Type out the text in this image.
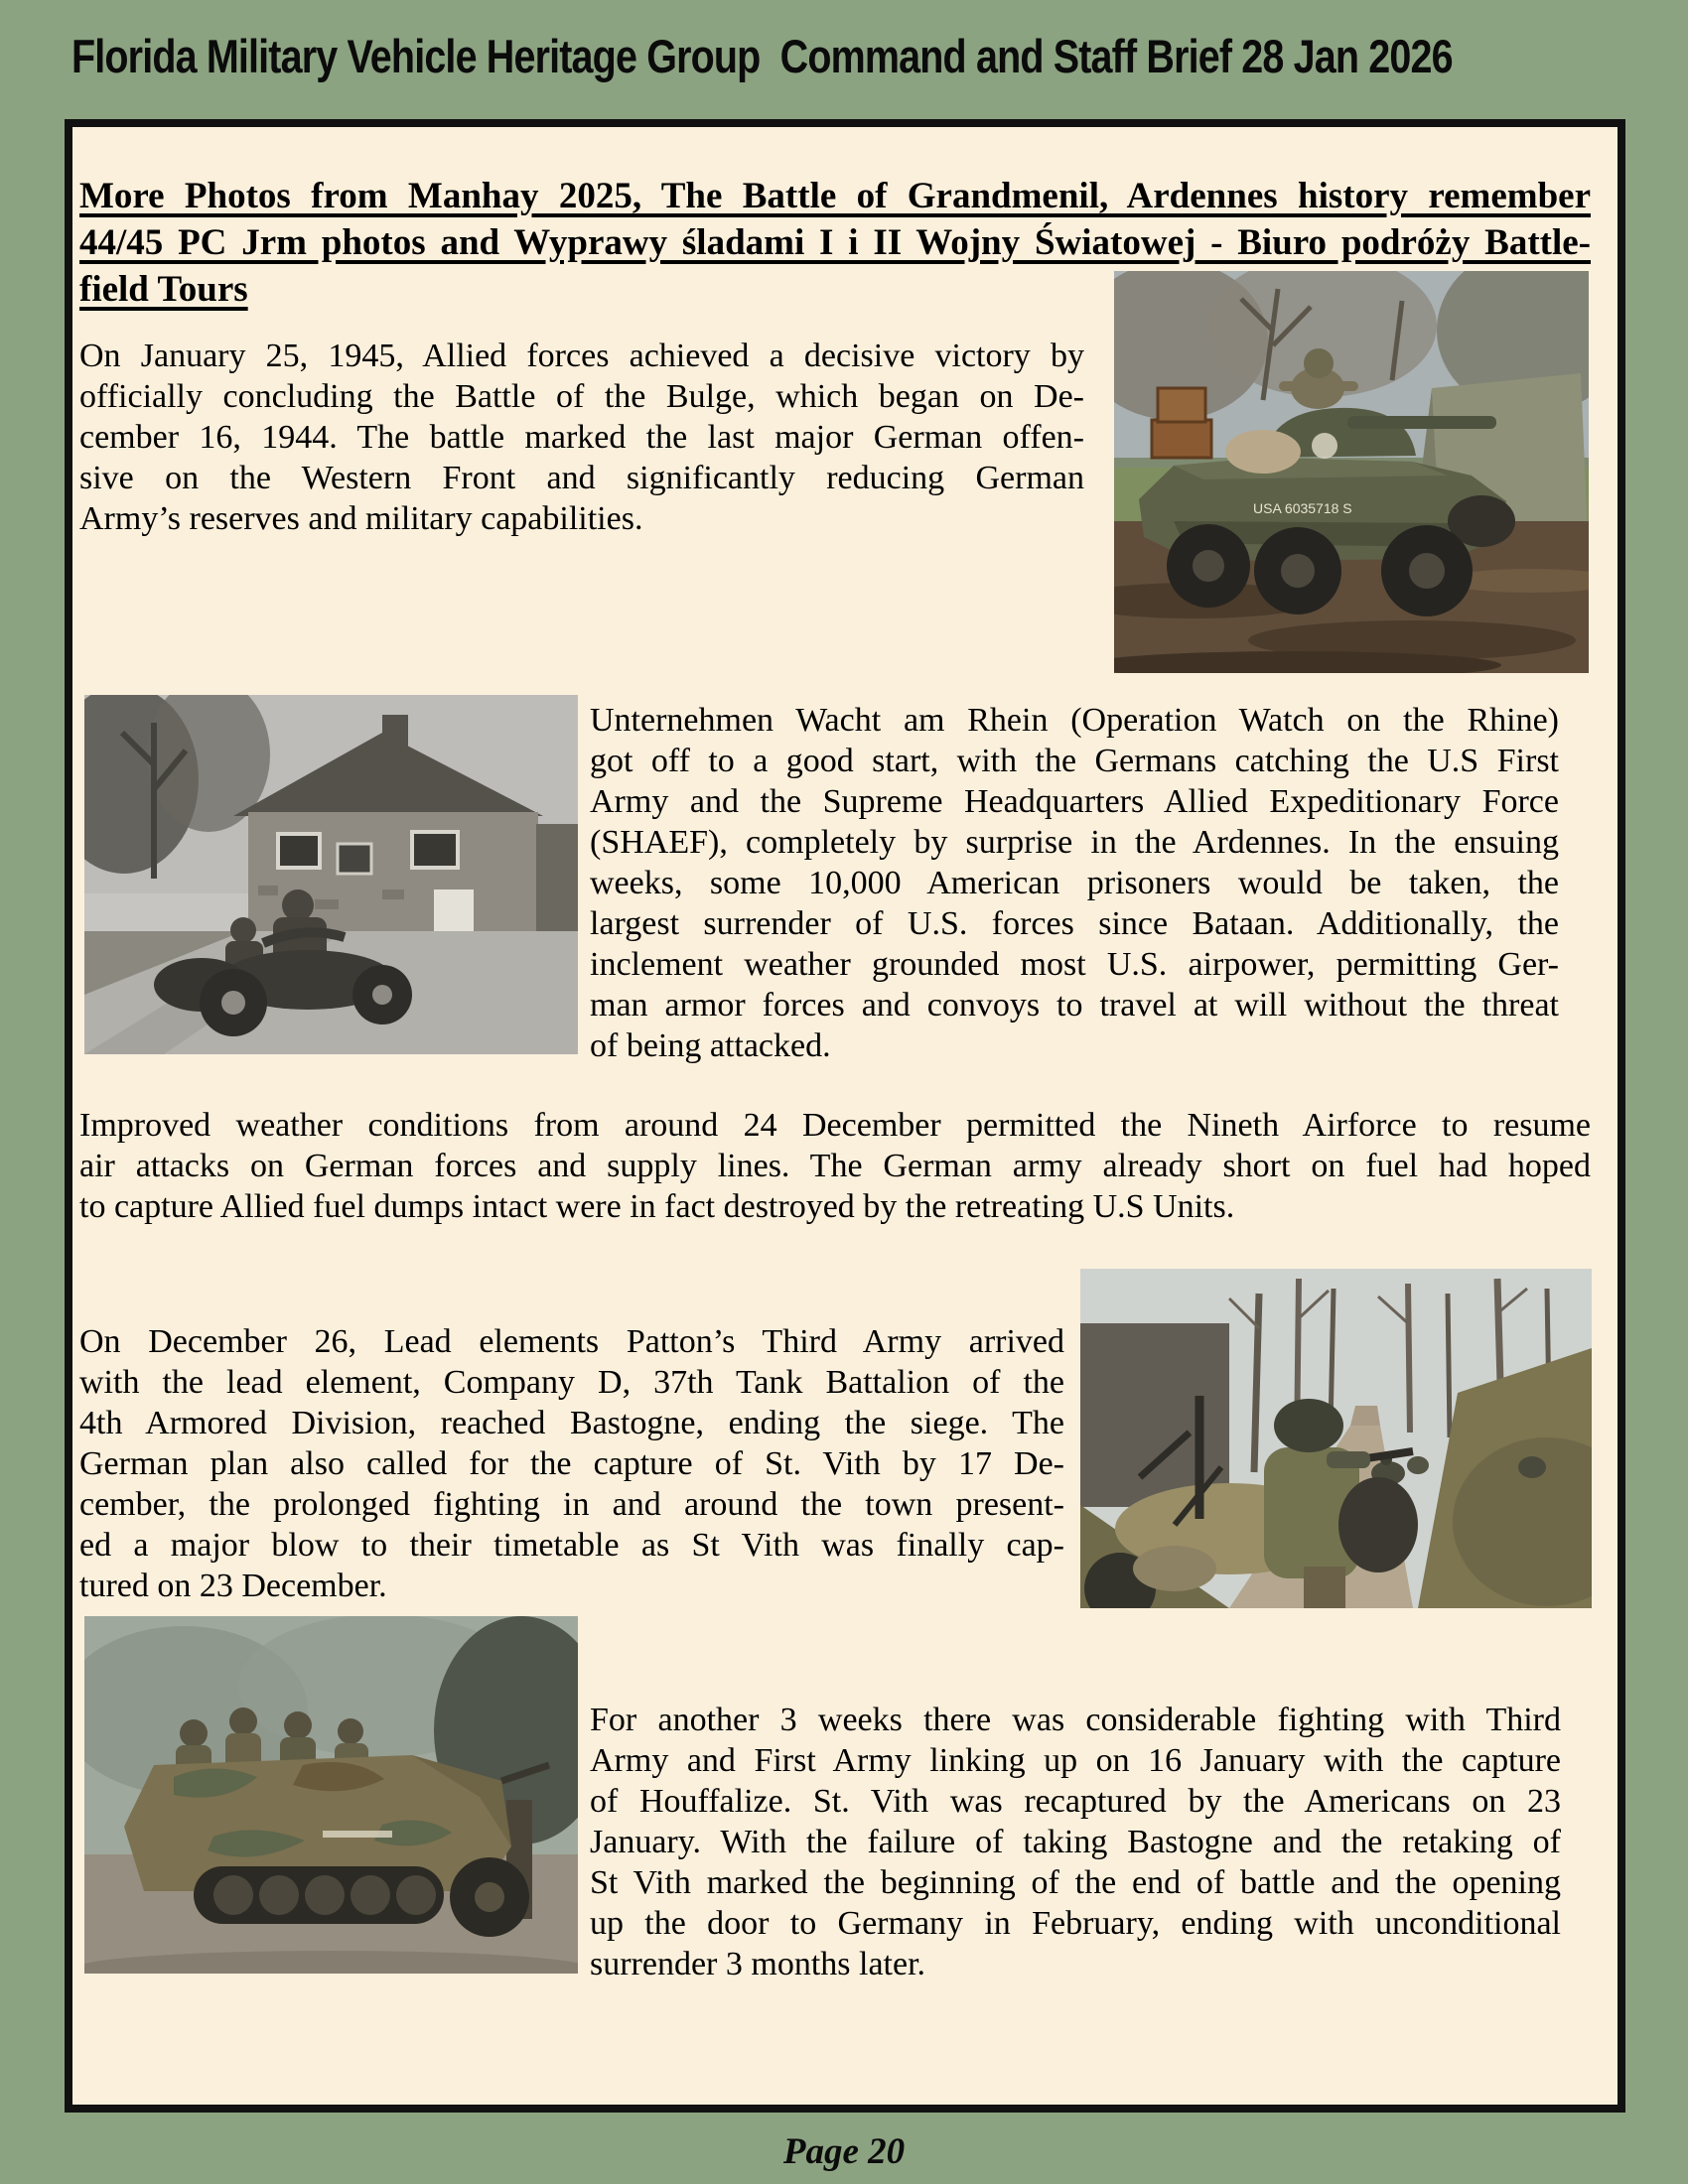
Florida Military Vehicle Heritage Group  Command and Staff Brief 28 Jan 2026
More Photos from Manhay 2025, The Battle of Grandmenil, Ardennes history remember
44/45 PC Jrm photos and Wyprawy śladami I i II Wojny Światowej - Biuro podróży Battle-
field Tours
On January 25, 1945, Allied forces achieved a decisive victory by
officially concluding the Battle of the Bulge, which began on De-
cember 16, 1944. The battle marked the last major German offen-
sive on the Western Front and significantly reducing German
Army’s reserves and military capabilities.	USA 6035718 S
Unternehmen Wacht am Rhein (Operation Watch on the Rhine)
got off to a good start, with the Germans catching the U.S First
Army and the Supreme Headquarters Allied Expeditionary Force
(SHAEF), completely by surprise in the Ardennes. In the ensuing
weeks, some 10,000 American prisoners would be taken, the
largest surrender of U.S. forces since Bataan. Additionally, the
inclement weather grounded most U.S. airpower, permitting Ger-
man armor forces and convoys to travel at will without the threat
of being attacked.
Improved weather conditions from around 24 December permitted the Nineth Airforce to resume
air attacks on German forces and supply lines. The German army already short on fuel had hoped
to capture Allied fuel dumps intact were in fact destroyed by the retreating U.S Units.
On December 26, Lead elements Patton’s Third Army arrived
with the lead element, Company D, 37th Tank Battalion of the
4th Armored Division, reached Bastogne, ending the siege. The
German plan also called for the capture of St. Vith by 17 De-
cember, the prolonged fighting in and around the town present-
ed a major blow to their timetable as St Vith was finally cap-
tured on 23 December.
For another 3 weeks there was considerable fighting with Third
Army and First Army linking up on 16 January with the capture
of Houffalize. St. Vith was recaptured by the Americans on 23
January. With the failure of taking Bastogne and the retaking of
St Vith marked the beginning of the end of battle and the opening
up the door to Germany in February, ending with unconditional
surrender 3 months later.
Page 20
